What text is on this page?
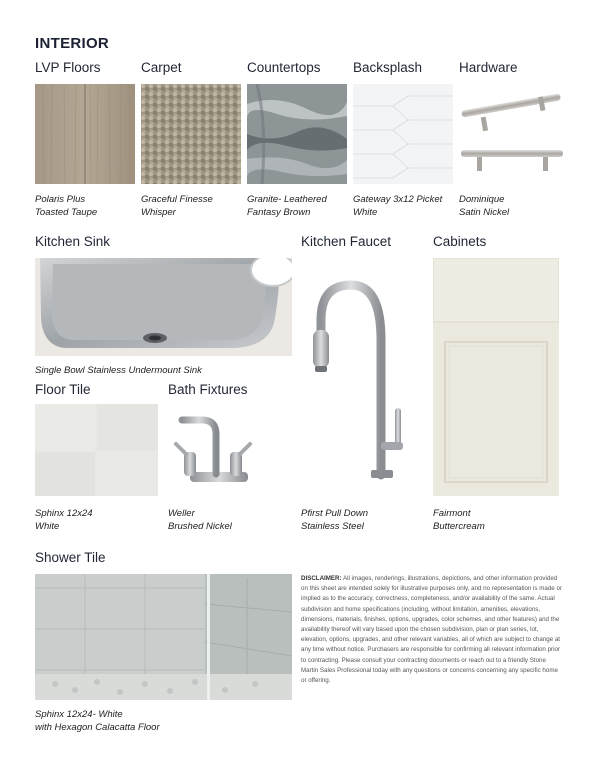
INTERIOR
LVP Floors	Carpet	Countertops Backsplash	Hardware
Polaris Plus
Toasted Taupe
Graceful Finesse
Whisper
Granite- Leathered
Fantasy Brown
Gateway 3x12 Picket
White
Dominique
Satin Nickel
Kitchen Sink	Kitchen Faucet	Cabinets
Single Bowl Stainless Undermount Sink
Pfirst Pull Down
Stainless Steel
Fairmont
Buttercream
Floor Tile	Bath Fixtures
Sphinx 12x24
White
Weller
Brushed Nickel
Shower Tile
Sphinx 12x24- White
with Hexagon Calacatta Floor
DISCLAIMER: All images, renderings, illustrations, depictions, and other information provided on this sheet are intended solely for illustrative purposes only, and no representation is made or implied as to the accuracy, correctness, completeness, and/or availability of the same. Actual subdivision and home specifications (including, without limitation, amenities, elevations, dimensions, materials, finishes, options, upgrades, color schemes, and other features) and the availability thereof will vary based upon the chosen subdivision, plan or plan series, lot, elevation, options, upgrades, and other relevant variables, all of which are subject to change at any time without notice. Purchasers are responsible for confirming all relevant information prior to contracting. Please consult your contracting documents or reach out to a friendly Stone Martin Sales Professional today with any questions or concerns concerning any specific home or offering.
